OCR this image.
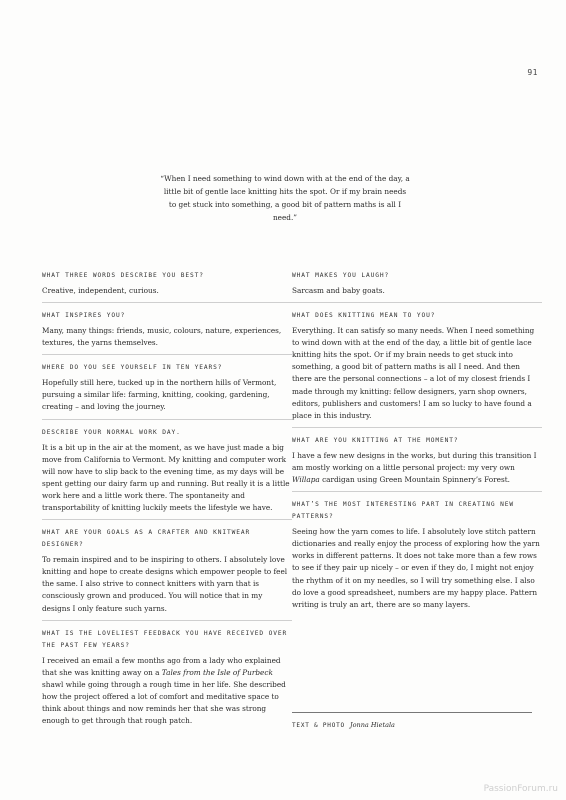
91
“When I need something to wind down with at the end of the day, a little bit of gentle lace knitting hits the spot. Or if my brain needs to get stuck into something, a good bit of pattern maths is all I need.”
WHAT THREE WORDS DESCRIBE YOU BEST?
Creative, independent, curious.
WHAT INSPIRES YOU?
Many, many things: friends, music, colours, nature, experiences, textures, the yarns themselves.
WHERE DO YOU SEE YOURSELF IN TEN YEARS?
Hopefully still here, tucked up in the northern hills of Vermont, pursuing a similar life: farming, knitting, cooking, gardening, creating – and loving the journey.
DESCRIBE YOUR NORMAL WORK DAY.
It is a bit up in the air at the moment, as we have just made a big move from California to Vermont. My knitting and computer work will now have to slip back to the evening time, as my days will be spent getting our dairy farm up and running. But really it is a little work here and a little work there. The spontaneity and transportability of knitting luckily meets the lifestyle we have.
WHAT ARE YOUR GOALS AS A CRAFTER AND KNITWEAR DESIGNER?
To remain inspired and to be inspiring to others. I absolutely love knitting and hope to create designs which empower people to feel the same. I also strive to connect knitters with yarn that is consciously grown and produced. You will notice that in my designs I only feature such yarns.
WHAT IS THE LOVELIEST FEEDBACK YOU HAVE RECEIVED OVER THE PAST FEW YEARS?
I received an email a few months ago from a lady who explained that she was knitting away on a Tales from the Isle of Purbeck shawl while going through a rough time in her life. She described how the project offered a lot of comfort and meditative space to think about things and now reminds her that she was strong enough to get through that rough patch.
WHAT MAKES YOU LAUGH?
Sarcasm and baby goats.
WHAT DOES KNITTING MEAN TO YOU?
Everything. It can satisfy so many needs. When I need something to wind down with at the end of the day, a little bit of gentle lace knitting hits the spot. Or if my brain needs to get stuck into something, a good bit of pattern maths is all I need. And then there are the personal connections – a lot of my closest friends I made through my knitting: fellow designers, yarn shop owners, editors, publishers and customers! I am so lucky to have found a place in this industry.
WHAT ARE YOU KNITTING AT THE MOMENT?
I have a few new designs in the works, but during this transition I am mostly working on a little personal project: my very own Willapa cardigan using Green Mountain Spinnery’s Forest.
WHAT’S THE MOST INTERESTING PART IN CREATING NEW PATTERNS?
Seeing how the yarn comes to life. I absolutely love stitch pattern dictionaries and really enjoy the process of exploring how the yarn works in different patterns. It does not take more than a few rows to see if they pair up nicely – or even if they do, I might not enjoy the rhythm of it on my needles, so I will try something else. I also do love a good spreadsheet, numbers are my happy place. Pattern writing is truly an art, there are so many layers.
TEXT & PHOTO Jonna Hietala
PassionForum.ru
